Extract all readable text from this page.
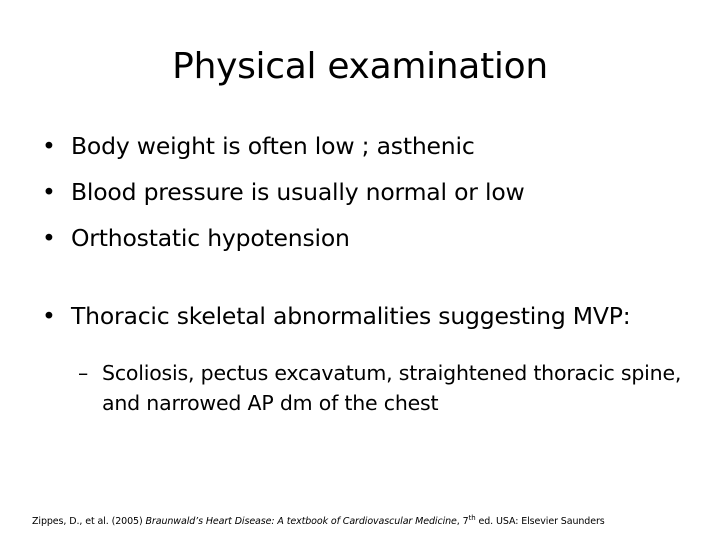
Physical examination
• Body weight is often low ; asthenic
• Blood pressure is usually normal or low
• Orthostatic hypotension
• Thoracic skeletal abnormalities suggesting MVP:
– Scoliosis, pectus excavatum, straightened thoracic spine, and narrowed AP dm of the chest
Zippes, D., et al. (2005) Braunwald’s Heart Disease: A textbook of Cardiovascular Medicine, 7th ed. USA: Elsevier Saunders
